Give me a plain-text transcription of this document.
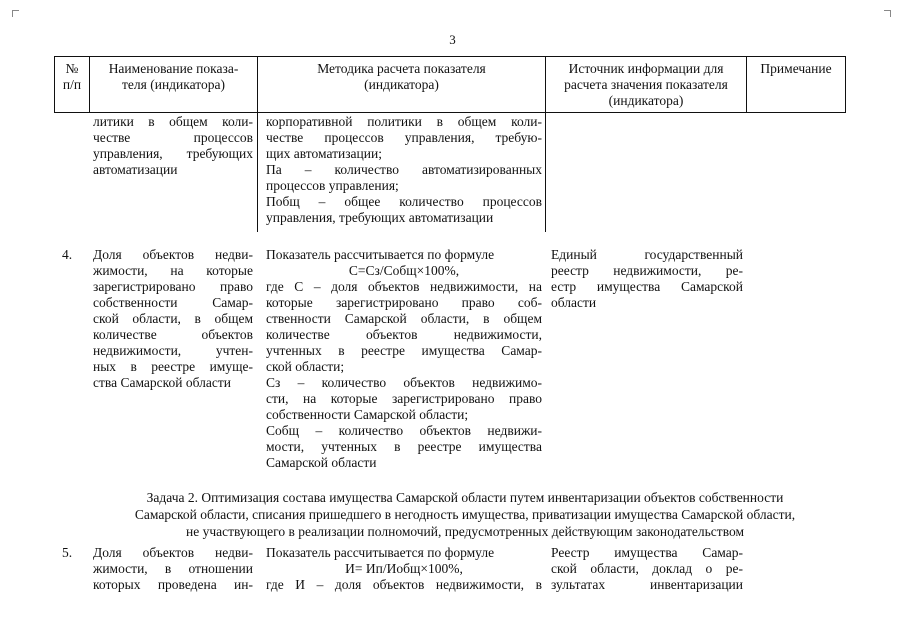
3
№
п/п
Наименование показа-
теля (индикатора)
Методика расчета показателя
(индикатора)
Источник информации для
расчета значения показателя
(индикатора)
Примечание
литики в общем коли-
честве процессов
управления, требующих
автоматизации
корпоративной политики в общем коли-
честве процессов управления, требую-
щих автоматизации;
Па – количество автоматизированных
процессов управления;
Побщ – общее количество процессов
управления, требующих автоматизации
4.	Доля объектов недви-
жимости, на которые
зарегистрировано право
собственности Самар-
ской области, в общем
количестве объектов
недвижимости, учтен-
ных в реестре имуще-
ства Самарской области
Показатель рассчитывается по формуле
С=Сз/Собщ×100%,
где С – доля объектов недвижимости, на
которые зарегистрировано право соб-
ственности Самарской области, в общем
количестве объектов недвижимости,
учтенных в реестре имущества Самар-
ской области;
Сз – количество объектов недвижимо-
сти, на которые зарегистрировано право
собственности Самарской области;
Собщ – количество объектов недвижи-
мости, учтенных в реестре имущества
Самарской области
Единый государственный
реестр недвижимости, ре-
естр имущества Самарской
области
Задача 2. Оптимизация состава имущества Самарской области путем инвентаризации объектов собственности
Самарской области, списания пришедшего в негодность имущества, приватизации имущества Самарской области,
не участвующего в реализации полномочий, предусмотренных действующим законодательством
5.	Доля объектов недви-
жимости, в отношении
которых проведена ин-
Показатель рассчитывается по формуле
И= Ип/Иобщ×100%,
где И – доля объектов недвижимости, в
Реестр имущества Самар-
ской области, доклад о ре-
зультатах инвентаризации
